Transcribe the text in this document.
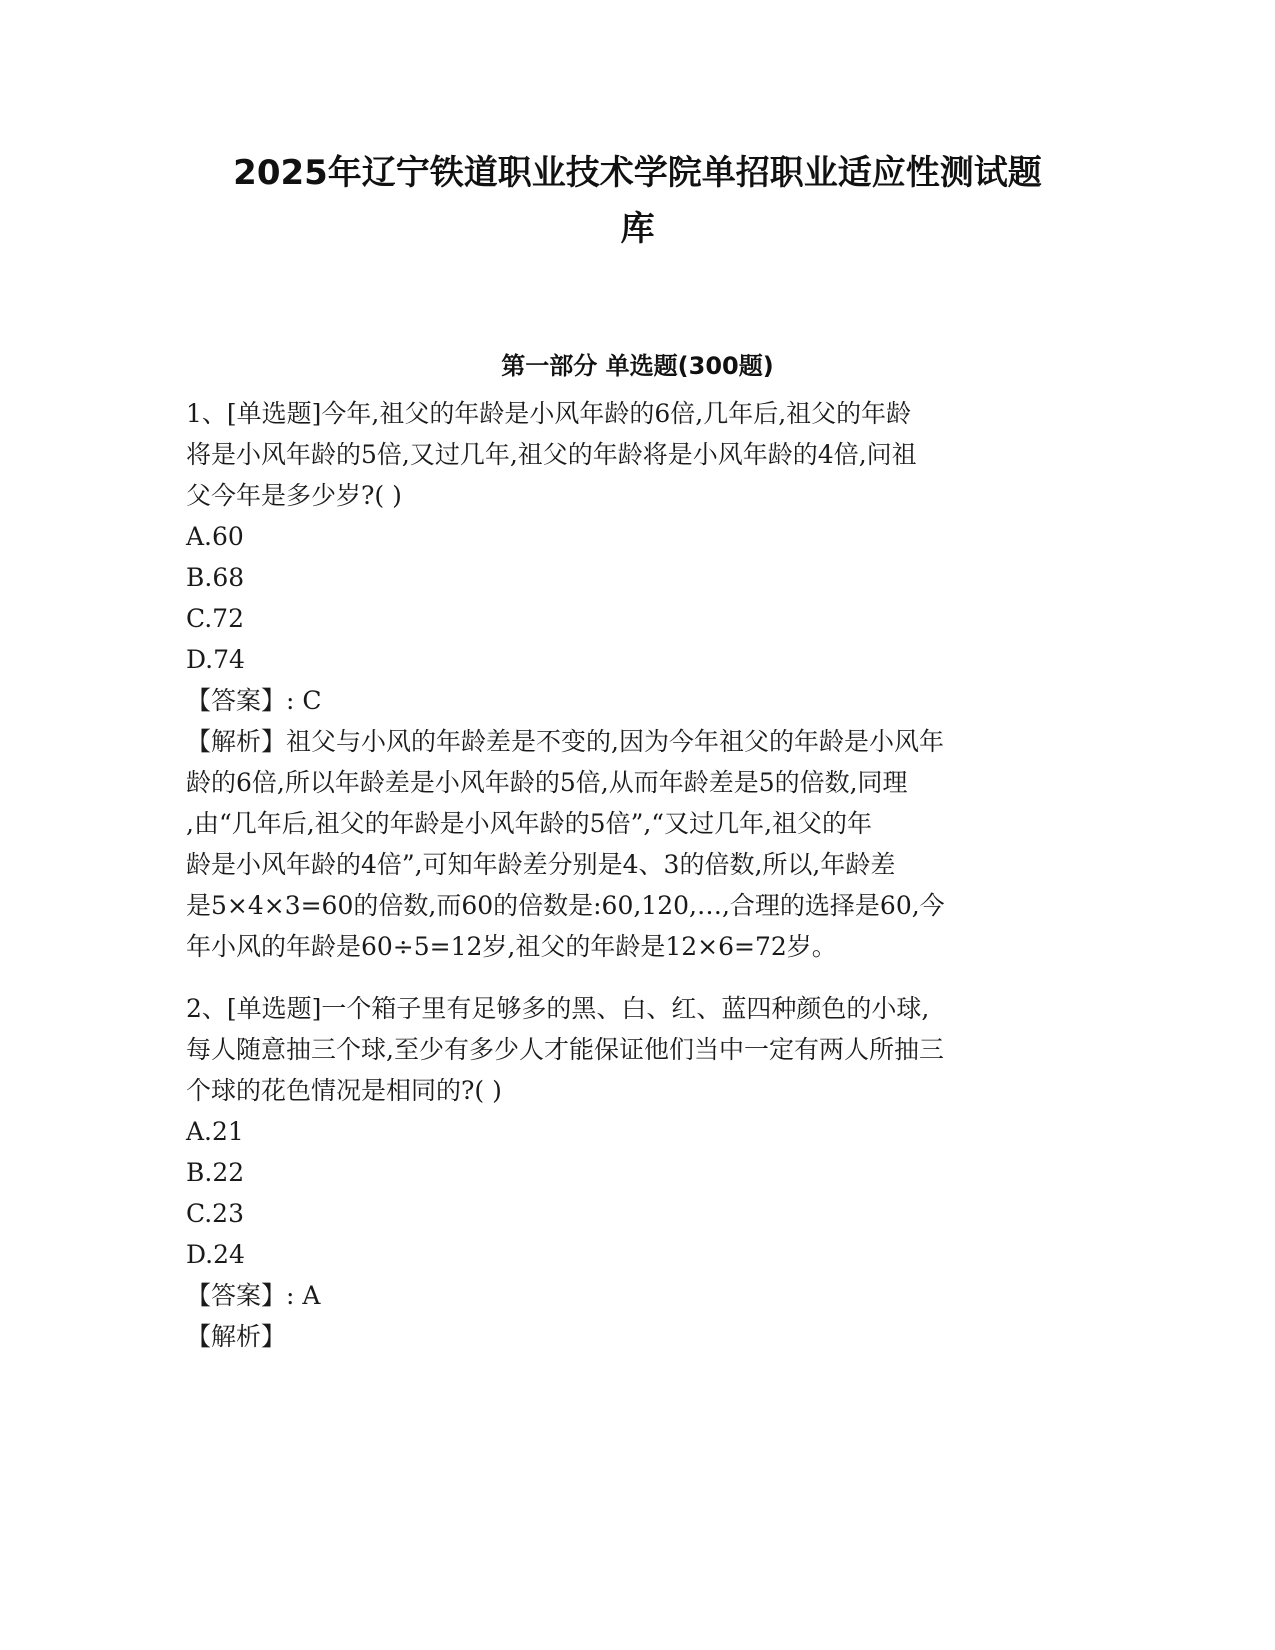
2025年辽宁铁道职业技术学院单招职业适应性测试题
库
第一部分 单选题(300题)
1、[单选题]今年,祖父的年龄是小风年龄的6倍,几年后,祖父的年龄
将是小风年龄的5倍,又过几年,祖父的年龄将是小风年龄的4倍,问祖
父今年是多少岁?( )
A.60
B.68
C.72
D.74
【答案】: C
【解析】祖父与小风的年龄差是不变的,因为今年祖父的年龄是小风年
龄的6倍,所以年龄差是小风年龄的5倍,从而年龄差是5的倍数,同理
,由“几年后,祖父的年龄是小风年龄的5倍”,“又过几年,祖父的年
龄是小风年龄的4倍”,可知年龄差分别是4、3的倍数,所以,年龄差
是5×4×3=60的倍数,而60的倍数是:60,120,…,合理的选择是60,今
年小风的年龄是60÷5=12岁,祖父的年龄是12×6=72岁。
2、[单选题]一个箱子里有足够多的黑、白、红、蓝四种颜色的小球,
每人随意抽三个球,至少有多少人才能保证他们当中一定有两人所抽三
个球的花色情况是相同的?( )
A.21
B.22
C.23
D.24
【答案】: A
【解析】
